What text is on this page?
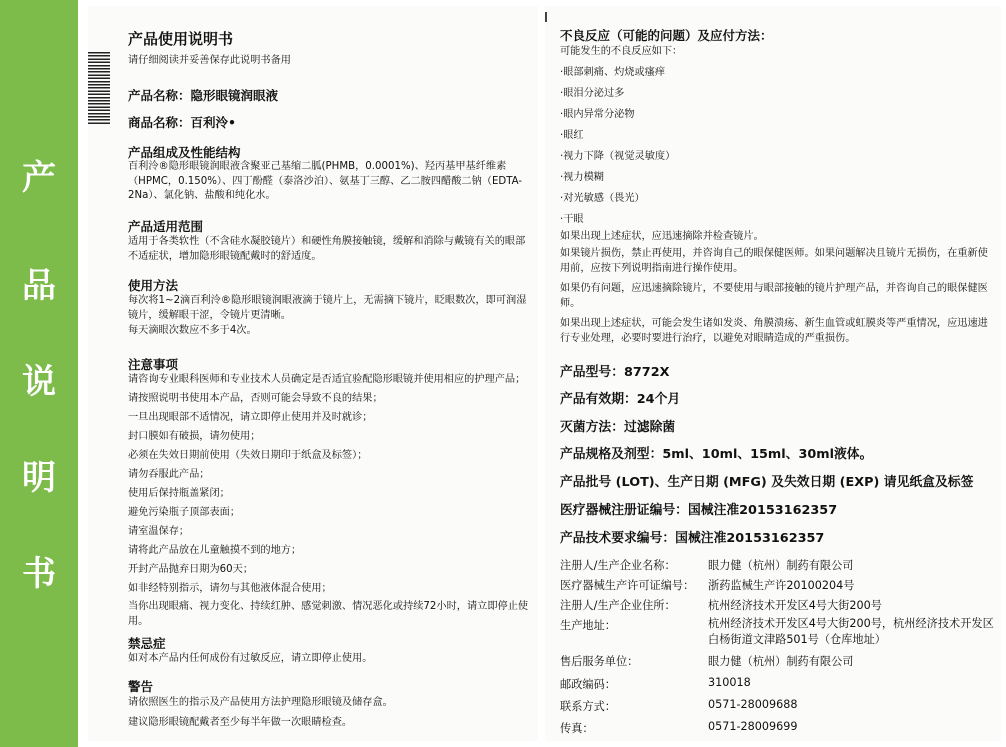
产
品
说
明
书
产品使用说明书
请仔细阅读并妥善保存此说明书备用
产品名称：隐形眼镜润眼液
商品名称：百利泠•
产品组成及性能结构
百利泠®隐形眼镜润眼液含聚亚己基缩二胍(PHMB，0.0001%)、羟丙基甲基纤维素（HPMC，0.150%）、四丁酚醛（泰洛沙泊）、氨基丁三醇、乙二胺四醋酸二钠（EDTA-2Na）、氯化钠、盐酸和纯化水。
产品适用范围
适用于各类软性（不含硅水凝胶镜片）和硬性角膜接触镜，缓解和消除与戴镜有关的眼部不适症状，增加隐形眼镜配戴时的舒适度。
使用方法
每次将1~2滴百利泠®隐形眼镜润眼液滴于镜片上，无需摘下镜片，眨眼数次，即可润湿镜片，缓解眼干涩，令镜片更清晰。
每天滴眼次数应不多于4次。
注意事项
请咨询专业眼科医师和专业技术人员确定是否适宜验配隐形眼镜并使用相应的护理产品；
请按照说明书使用本产品，否则可能会导致不良的结果；
一旦出现眼部不适情况，请立即停止使用并及时就诊；
封口膜如有破损，请勿使用；
必须在失效日期前使用（失效日期印于纸盒及标签）；
请勿吞服此产品；
使用后保持瓶盖紧闭；
避免污染瓶子顶部表面；
请室温保存；
请将此产品放在儿童触摸不到的地方；
开封产品抛弃日期为60天；
如非经特别指示，请勿与其他液体混合使用；
当你出现眼痛、视力变化、持续红肿、感觉刺激、情况恶化或持续72小时，请立即停止使用。
禁忌症
如对本产品内任何成份有过敏反应，请立即停止使用。
警告
请依照医生的指示及产品使用方法护理隐形眼镜及储存盒。
建议隐形眼镜配戴者至少每半年做一次眼睛检查。
不良反应（可能的问题）及应付方法：
可能发生的不良反应如下：
·眼部刺痛、灼烧或瘙痒
·眼泪分泌过多
·眼内异常分泌物
·眼红
·视力下降（视觉灵敏度）
·视力模糊
·对光敏感（畏光）
·干眼
如果出现上述症状，应迅速摘除并检查镜片。
如果镜片损伤，禁止再使用，并咨询自己的眼保健医师。如果问题解决且镜片无损伤，在重新使用前，应按下列说明指南进行操作使用。
如果仍有问题，应迅速摘除镜片，不要使用与眼部接触的镜片护理产品，并咨询自己的眼保健医师。
如果出现上述症状，可能会发生诸如发炎、角膜溃疡、新生血管或虹膜炎等严重情况，应迅速进行专业处理，必要时要进行治疗，以避免对眼睛造成的严重损伤。
产品型号：8772X
产品有效期：24个月
灭菌方法：过滤除菌
产品规格及剂型：5ml、10ml、15ml、30ml液体。
产品批号 (LOT)、生产日期 (MFG) 及失效日期 (EXP) 请见纸盒及标签
医疗器械注册证编号：国械注准20153162357
产品技术要求编号：国械注准20153162357
注册人/生产企业名称：	眼力健（杭州）制药有限公司
医疗器械生产许可证编号： 浙药监械生产许20100204号
注册人/生产企业住所：	杭州经济技术开发区4号大街200号
生产地址：	杭州经济技术开发区4号大街200号，杭州经济技术开发区白杨街道文津路501号（仓库地址）
售后服务单位：	眼力健（杭州）制药有限公司
邮政编码：	310018
联系方式：	0571-28009688
传真：	0571-28009699
